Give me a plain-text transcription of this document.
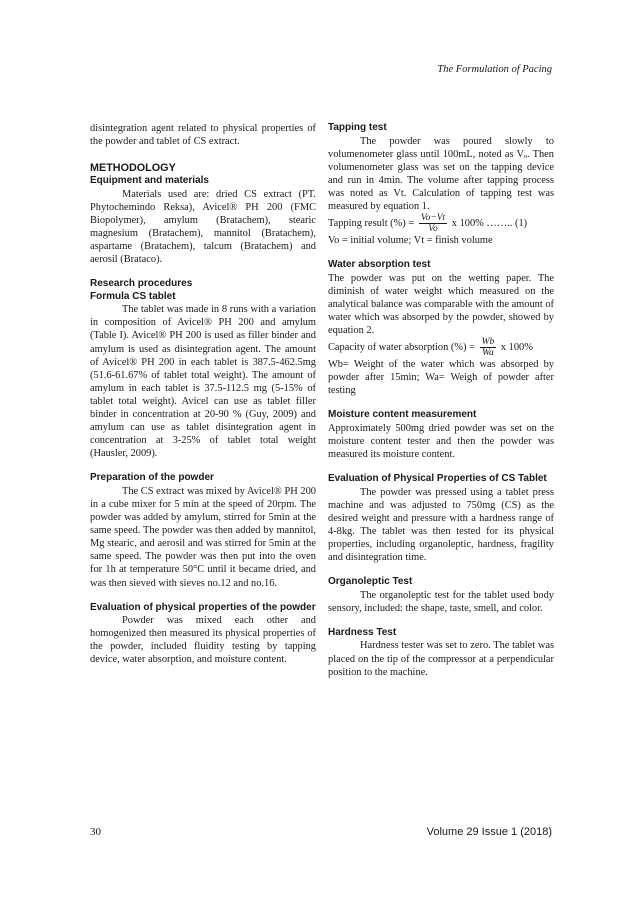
The Formulation of Pacing

disintegration agent related to physical properties of the powder and tablet of CS extract.

METHODOLOGY
Equipment and materials

Materials used are: dried CS extract (PT. Phytochemindo Reksa), Avicel® PH 200 (FMC Biopolymer), amylum (Bratachem), stearic magnesium (Bratachem), mannitol (Bratachem), aspartame (Bratachem), talcum (Bratachem) and aerosil (Brataco).

Research procedures
Formula CS tablet

The tablet was made in 8 runs with a variation in composition of Avicel® PH 200 and amylum (Table I). Avicel® PH 200 is used as filler binder and amylum is used as disintegration agent. The amount of Avicel® PH 200 in each tablet is 387.5-462.5mg (51.6-61.67% of tablet total weight). The amount of amylum in each tablet is 37.5-112.5 mg (5-15% of tablet total weight). Avicel can use as tablet filler binder in concentration at 20-90 % (Guy, 2009) and amylum can use as tablet disintegration agent in concentration at 3-25% of tablet total weight (Hausler, 2009).

Preparation of the powder

The CS extract was mixed by Avicel® PH 200 in a cube mixer for 5 min at the speed of 20rpm. The powder was added by amylum, stirred for 5min at the same speed. The powder was then added by mannitol, Mg stearic, and aerosil and was stirred for 5min at the same speed. The powder was then put into the oven for 1h at temperature 50°C until it became dried, and was then sieved with sieves no.12 and no.16.

Evaluation of physical properties of the powder

Powder was mixed each other and homogenized then measured its physical properties of the powder, included fluidity testing by tapping device, water absorption, and moisture content.

Tapping test

The powder was poured slowly to volumenometer glass until 100mL, noted as Vₒ. Then volumenometer glass was set on the tapping device and run in 4min. The volume after tapping process was noted as Vt. Calculation of tapping test was measured by equation 1.

Tapping result (%) = $\frac{Vo-Vt}{Vo}$ x 100% …….. (1)

Vo = initial volume; Vt = finish volume

Water absorption test

The powder was put on the wetting paper. The diminish of water weight which measured on the analytical balance was comparable with the amount of water which was absorped by the powder, showed by equation 2.

Capacity of water absorption (%) = $\frac{Wb}{Wa}$ x 100%

Wb= Weight of the water which was absorped by powder after 15min; Wa= Weigh of powder after testing

Moisture content measurement

Approximately 500mg dried powder was set on the moisture content tester and then the powder was measured its moisture content.

Evaluation of Physical Properties of CS Tablet

The powder was pressed using a tablet press machine and was adjusted to 750mg (CS) as the desired weight and pressure with a hardness range of 4-8kg. The tablet was then tested for its physical properties, including organoleptic, hardness, fragility and disintegration time.

Organoleptic Test

The organoleptic test for the tablet used body sensory, included: the shape, taste, smell, and color.

Hardness Test

Hardness tester was set to zero. The tablet was placed on the tip of the compressor at a perpendicular position to the machine.

30	Volume 29 Issue 1 (2018)
